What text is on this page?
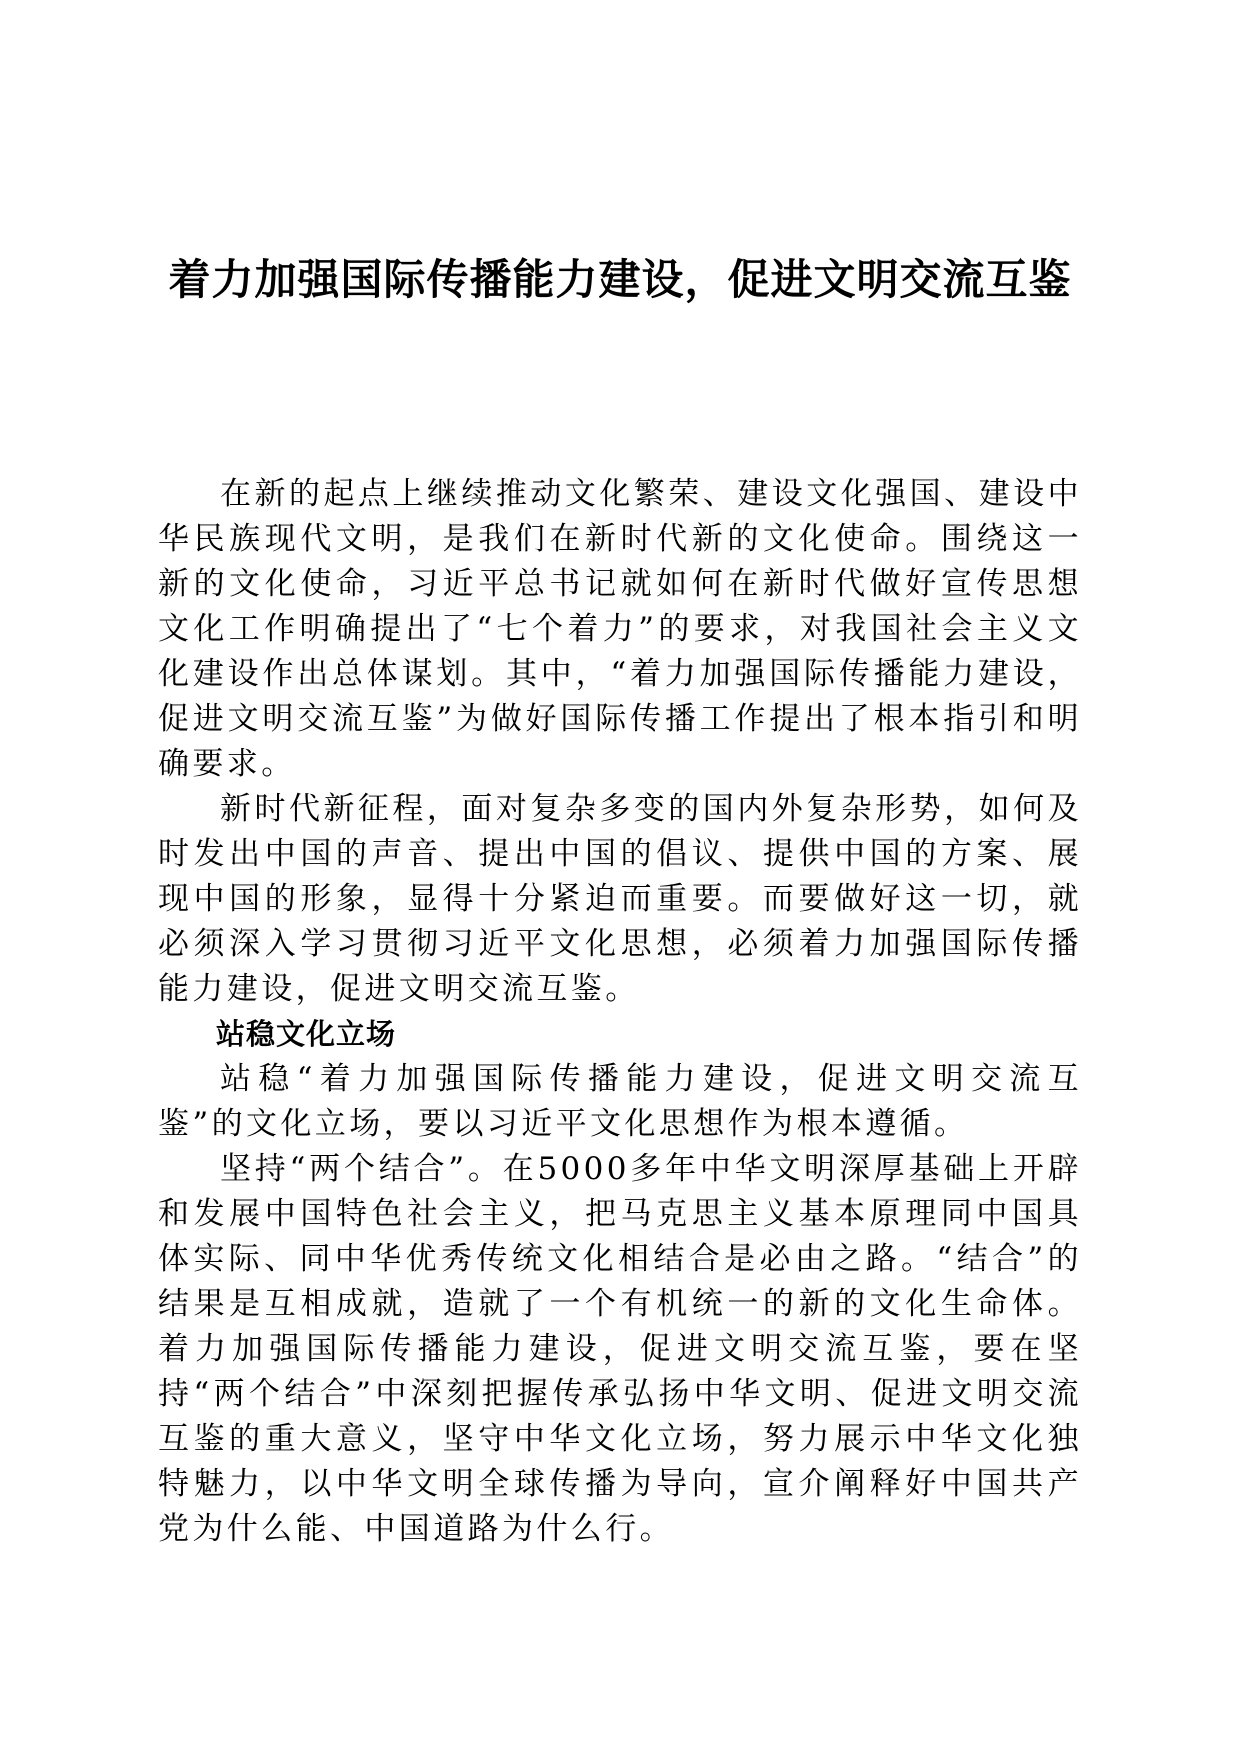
着力加强国际传播能力建设，促进文明交流互鉴

在新的起点上继续推动文化繁荣、建设文化强国、建设中华民族现代文明，是我们在新时代新的文化使命。围绕这一新的文化使命，习近平总书记就如何在新时代做好宣传思想文化工作明确提出了“七个着力”的要求，对我国社会主义文化建设作出总体谋划。其中，“着力加强国际传播能力建设，促进文明交流互鉴”为做好国际传播工作提出了根本指引和明确要求。

新时代新征程，面对复杂多变的国内外复杂形势，如何及时发出中国的声音、提出中国的倡议、提供中国的方案、展现中国的形象，显得十分紧迫而重要。而要做好这一切，就必须深入学习贯彻习近平文化思想，必须着力加强国际传播能力建设，促进文明交流互鉴。

站稳文化立场

站稳“着力加强国际传播能力建设，促进文明交流互鉴”的文化立场，要以习近平文化思想作为根本遵循。

坚持“两个结合”。在5000多年中华文明深厚基础上开辟和发展中国特色社会主义，把马克思主义基本原理同中国具体实际、同中华优秀传统文化相结合是必由之路。“结合”的结果是互相成就，造就了一个有机统一的新的文化生命体。着力加强国际传播能力建设，促进文明交流互鉴，要在坚持“两个结合”中深刻把握传承弘扬中华文明、促进文明交流互鉴的重大意义，坚守中华文化立场，努力展示中华文化独特魅力，以中华文明全球传播为导向，宣介阐释好中国共产党为什么能、中国道路为什么行。
